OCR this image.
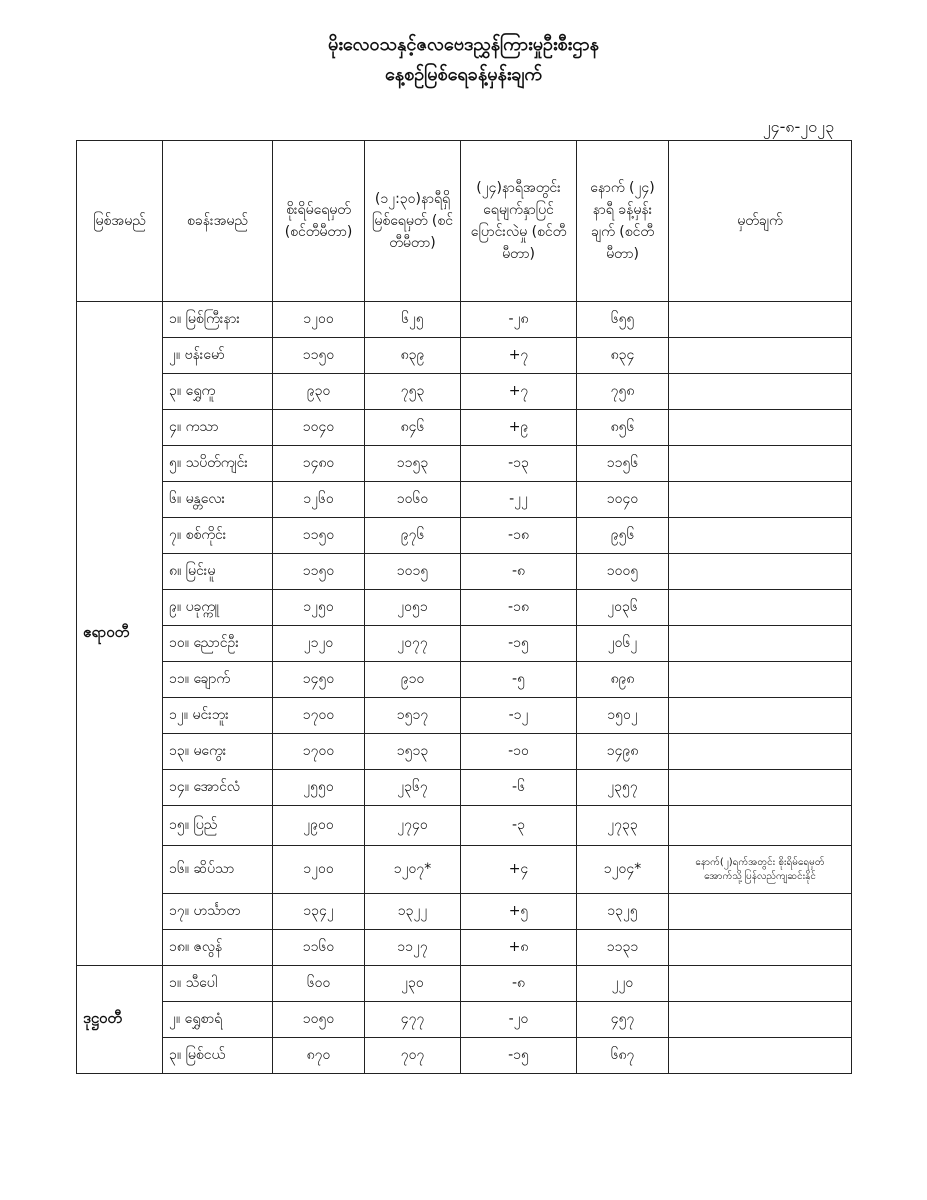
မိုးလေဝသနှင့်ဇလဗေဒညွှန်ကြားမှုဦးစီးဌာန
နေ့စဉ်မြစ်ရေခန့်မှန်းချက်
၂၄-၈-၂၀၂၃
မြစ်အမည်	စခန်းအမည်	စိုးရိမ်ရေမှတ် (စင်တီမီတာ)	(၁၂:၃၀)နာရီရှိ မြစ်ရေမှတ် (စင်တီမီတာ)	(၂၄)နာရီအတွင်း ရေမျက်နှာပြင် ပြောင်းလဲမှု (စင်တီမီတာ)	နောက် (၂၄) နာရီ ခန့်မှန်းချက် (စင်တီမီတာ)	မှတ်ချက်
ဧရာဝတီ	၁။ မြစ်ကြီးနား	၁၂၀၀	၆၂၅	-၂၈	၆၅၅	
	၂။ ဗန်းမော်	၁၁၅၀	၈၃၉	+၇	၈၃၄	
	၃။ ရွှေကူ	၉၃၀	၇၅၃	+၇	၇၅၈	
	၄။ ကသာ	၁၀၄၀	၈၄၆	+၉	၈၅၆	
	၅။ သပိတ်ကျင်း	၁၄၈၀	၁၁၅၃	-၁၃	၁၁၅၆	
	၆။ မန္တလေး	၁၂၆၀	၁၀၆၀	-၂၂	၁၀၄၀	
	၇။ စစ်ကိုင်း	၁၁၅၀	၉၇၆	-၁၈	၉၅၆	
	၈။ မြင်းမူ	၁၁၅၀	၁၀၁၅	-၈	၁၀၀၅	
	၉။ ပခုက္ကူ	၁၂၅၀	၂၀၅၁	-၁၈	၂၀၃၆	
	၁၀။ ညောင်ဦး	၂၁၂၀	၂၀၇၇	-၁၅	၂၀၆၂	
	၁၁။ ချောက်	၁၄၅၀	၉၁၀	-၅	၈၉၈	
	၁၂။ မင်းဘူး	၁၇၀၀	၁၅၁၇	-၁၂	၁၅၀၂	
	၁၃။ မကွေး	၁၇၀၀	၁၅၁၃	-၁၀	၁၄၉၈	
	၁၄။ အောင်လံ	၂၅၅၀	၂၃၆၇	-၆	၂၃၅၇	
	၁၅။ ပြည်	၂၉၀၀	၂၇၄၀	-၃	၂၇၃၃	
	၁၆။ ဆိပ်သာ	၁၂၀၀	၁၂၀၇*	+၄	၁၂၀၄*	နောက်(၂)ရက်အတွင်း စိုးရိမ်ရေမှတ်
အောက်သို့ပြန်လည်ကျဆင်းနိုင်
	၁၇။ ဟင်္သာတ	၁၃၄၂	၁၃၂၂	+၅	၁၃၂၅	
	၁၈။ ဇလွန်	၁၁၆၀	၁၁၂၇	+၈	၁၁၃၁	
ဒုဋ္ဌဝတီ	၁။ သီပေါ	၆၀၀	၂၃၀	-၈	၂၂၀	
	၂။ ရွှေစာရံ	၁၀၅၀	၄၇၇	-၂၀	၄၅၇	
	၃။ မြစ်ငယ်	၈၇၀	၇၀၇	-၁၅	၆၈၇	
